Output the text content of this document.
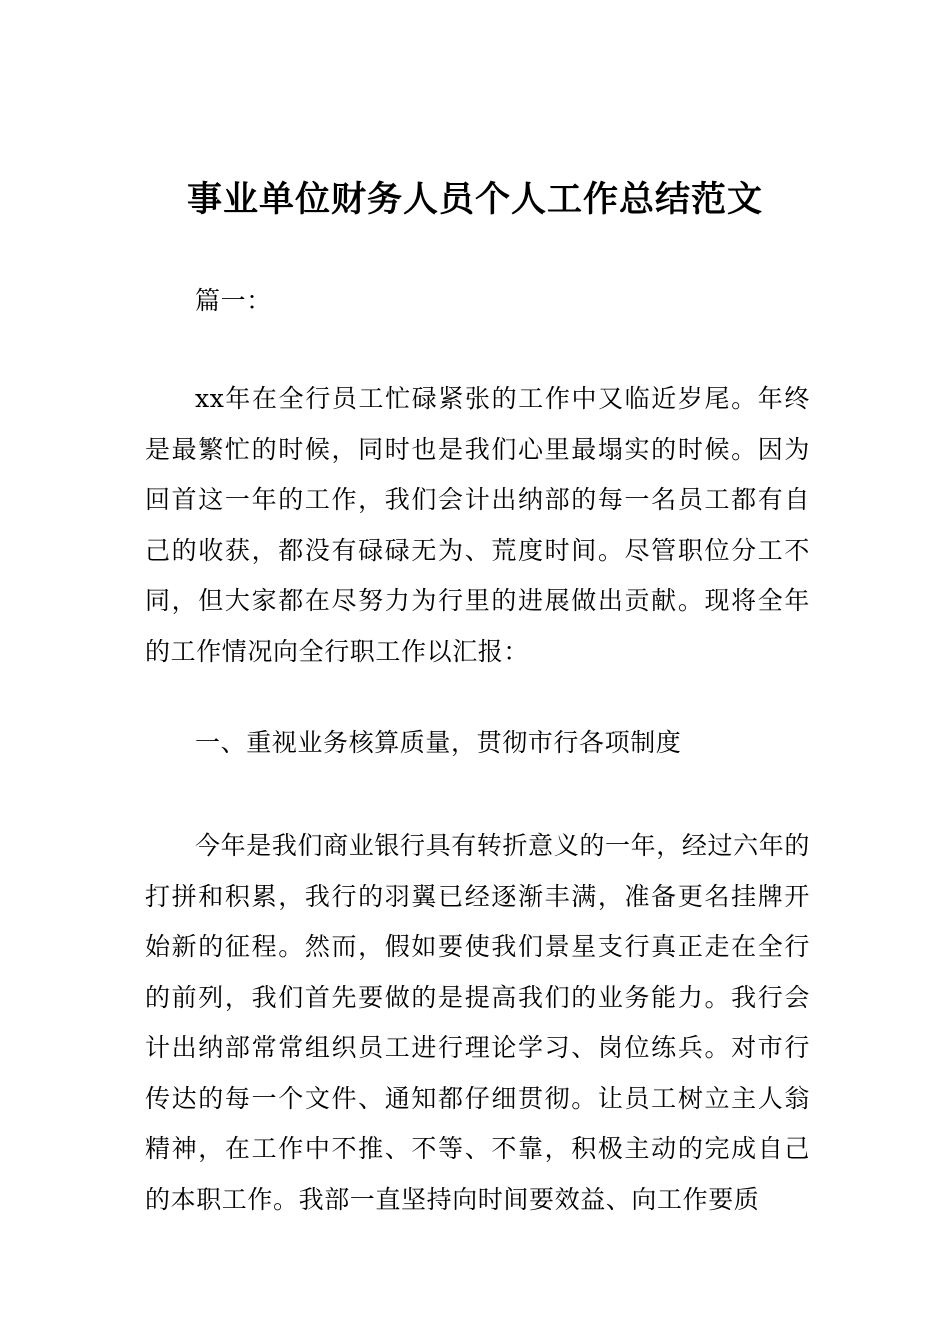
事业单位财务人员个人工作总结范文

篇一：

xx年在全行员工忙碌紧张的工作中又临近岁尾。年终是最繁忙的时候，同时也是我们心里最塌实的时候。因为回首这一年的工作，我们会计出纳部的每一名员工都有自己的收获，都没有碌碌无为、荒度时间。尽管职位分工不同，但大家都在尽努力为行里的进展做出贡献。现将全年的工作情况向全行职工作以汇报：

一、重视业务核算质量，贯彻市行各项制度

今年是我们商业银行具有转折意义的一年，经过六年的打拼和积累，我行的羽翼已经逐渐丰满，准备更名挂牌开始新的征程。然而，假如要使我们景星支行真正走在全行的前列，我们首先要做的是提高我们的业务能力。我行会计出纳部常常组织员工进行理论学习、岗位练兵。对市行传达的每一个文件、通知都仔细贯彻。让员工树立主人翁精神，在工作中不推、不等、不靠，积极主动的完成自己的本职工作。我部一直坚持向时间要效益、向工作要质
